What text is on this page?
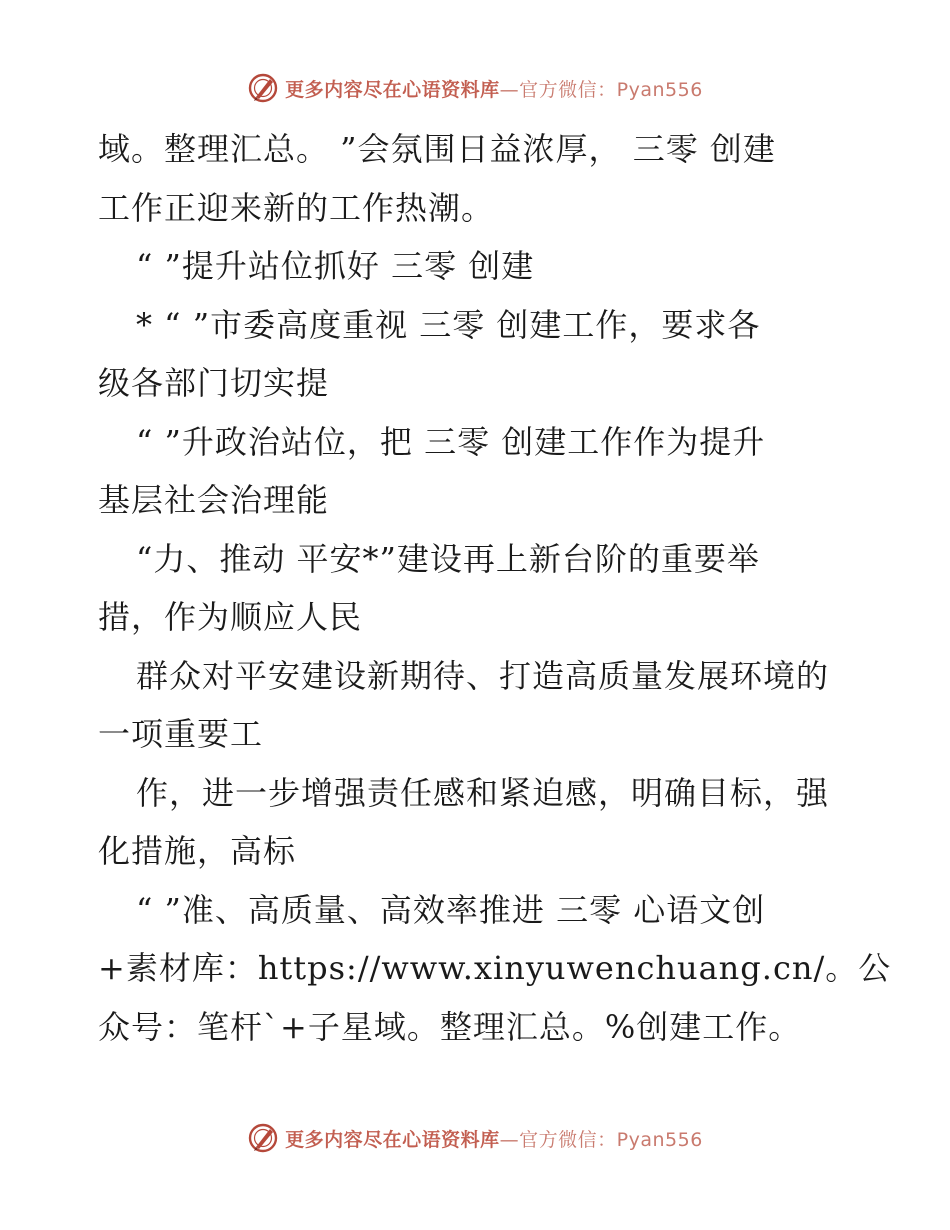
更多内容尽在心语资料库—官方微信：Pyan556
域。整理汇总。 ”会氛围日益浓厚， 三零 创建
工作正迎来新的工作热潮。
“ ”提升站位抓好 三零 创建
* “ ”市委高度重视 三零 创建工作，要求各
级各部门切实提
“ ”升政治站位，把 三零 创建工作作为提升
基层社会治理能
“力、推动 平安*”建设再上新台阶的重要举
措，作为顺应人民
群众对平安建设新期待、打造高质量发展环境的
一项重要工
作，进一步增强责任感和紧迫感，明确目标，强
化措施，高标
“ ”准、高质量、高效率推进 三零 心语文创
+素材库：https://www.xinyuwenchuang.cn/。公
众号：笔杆`+子星域。整理汇总。%创建工作。
更多内容尽在心语资料库—官方微信：Pyan556
